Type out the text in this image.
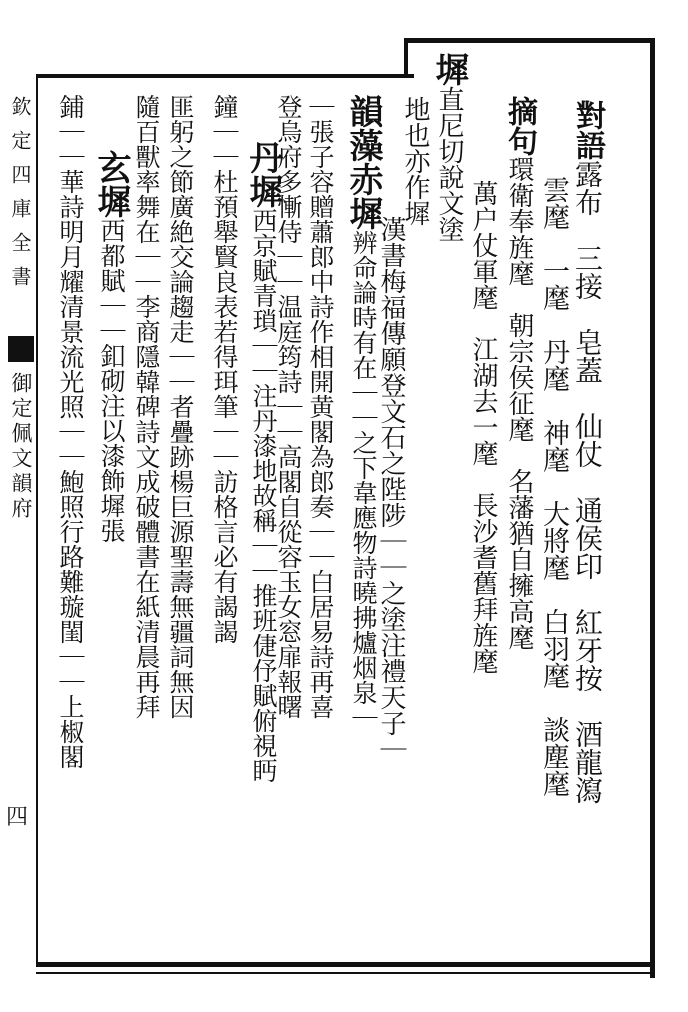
欽定四庫全書
御定佩文韻府
四
對語露布　三接　皂蓋　仙仗　通侯印　紅牙按　酒龍瀉
雲麾　一麾　丹麾　神麾　大將麾　白羽麾　談塵麾
摘句環衛奉旌麾　朝宗侯征麾　名藩猶自擁高麾
萬户仗軍麾　江湖去一麾　長沙耆舊拜旌麾
墀直尼切說文塗
地也亦作墀
漢書梅福傳願登文石之陛陟｜｜之塗注禮天子｜
韻藻赤墀辨命論時有在｜｜之下韋應物詩曉拂爐烟泉｜
｜張子容贈蕭郎中詩作相開黄閣為郎奏｜｜白居易詩再喜
登烏府多慚侍｜｜温庭筠詩｜｜高閣自從容玉女窓扉報曙
丹墀西京賦青瑣｜｜注丹漆地故稱｜｜推班倢伃賦俯視眄
鐘｜｜杜預舉賢良表若得珥筆｜｜訪格言必有謁謁
匪躬之節廣絶交論趨走｜｜者疊跡楊巨源聖壽無疆詞無因
隨百獸率舞在｜｜李商隱韓碑詩文成破體書在紙清晨再拜
玄墀西都賦｜｜釦砌注以漆飾墀張
鋪｜｜華詩明月耀清景流光照｜｜鮑照行路難璇閨｜｜上椒閣
